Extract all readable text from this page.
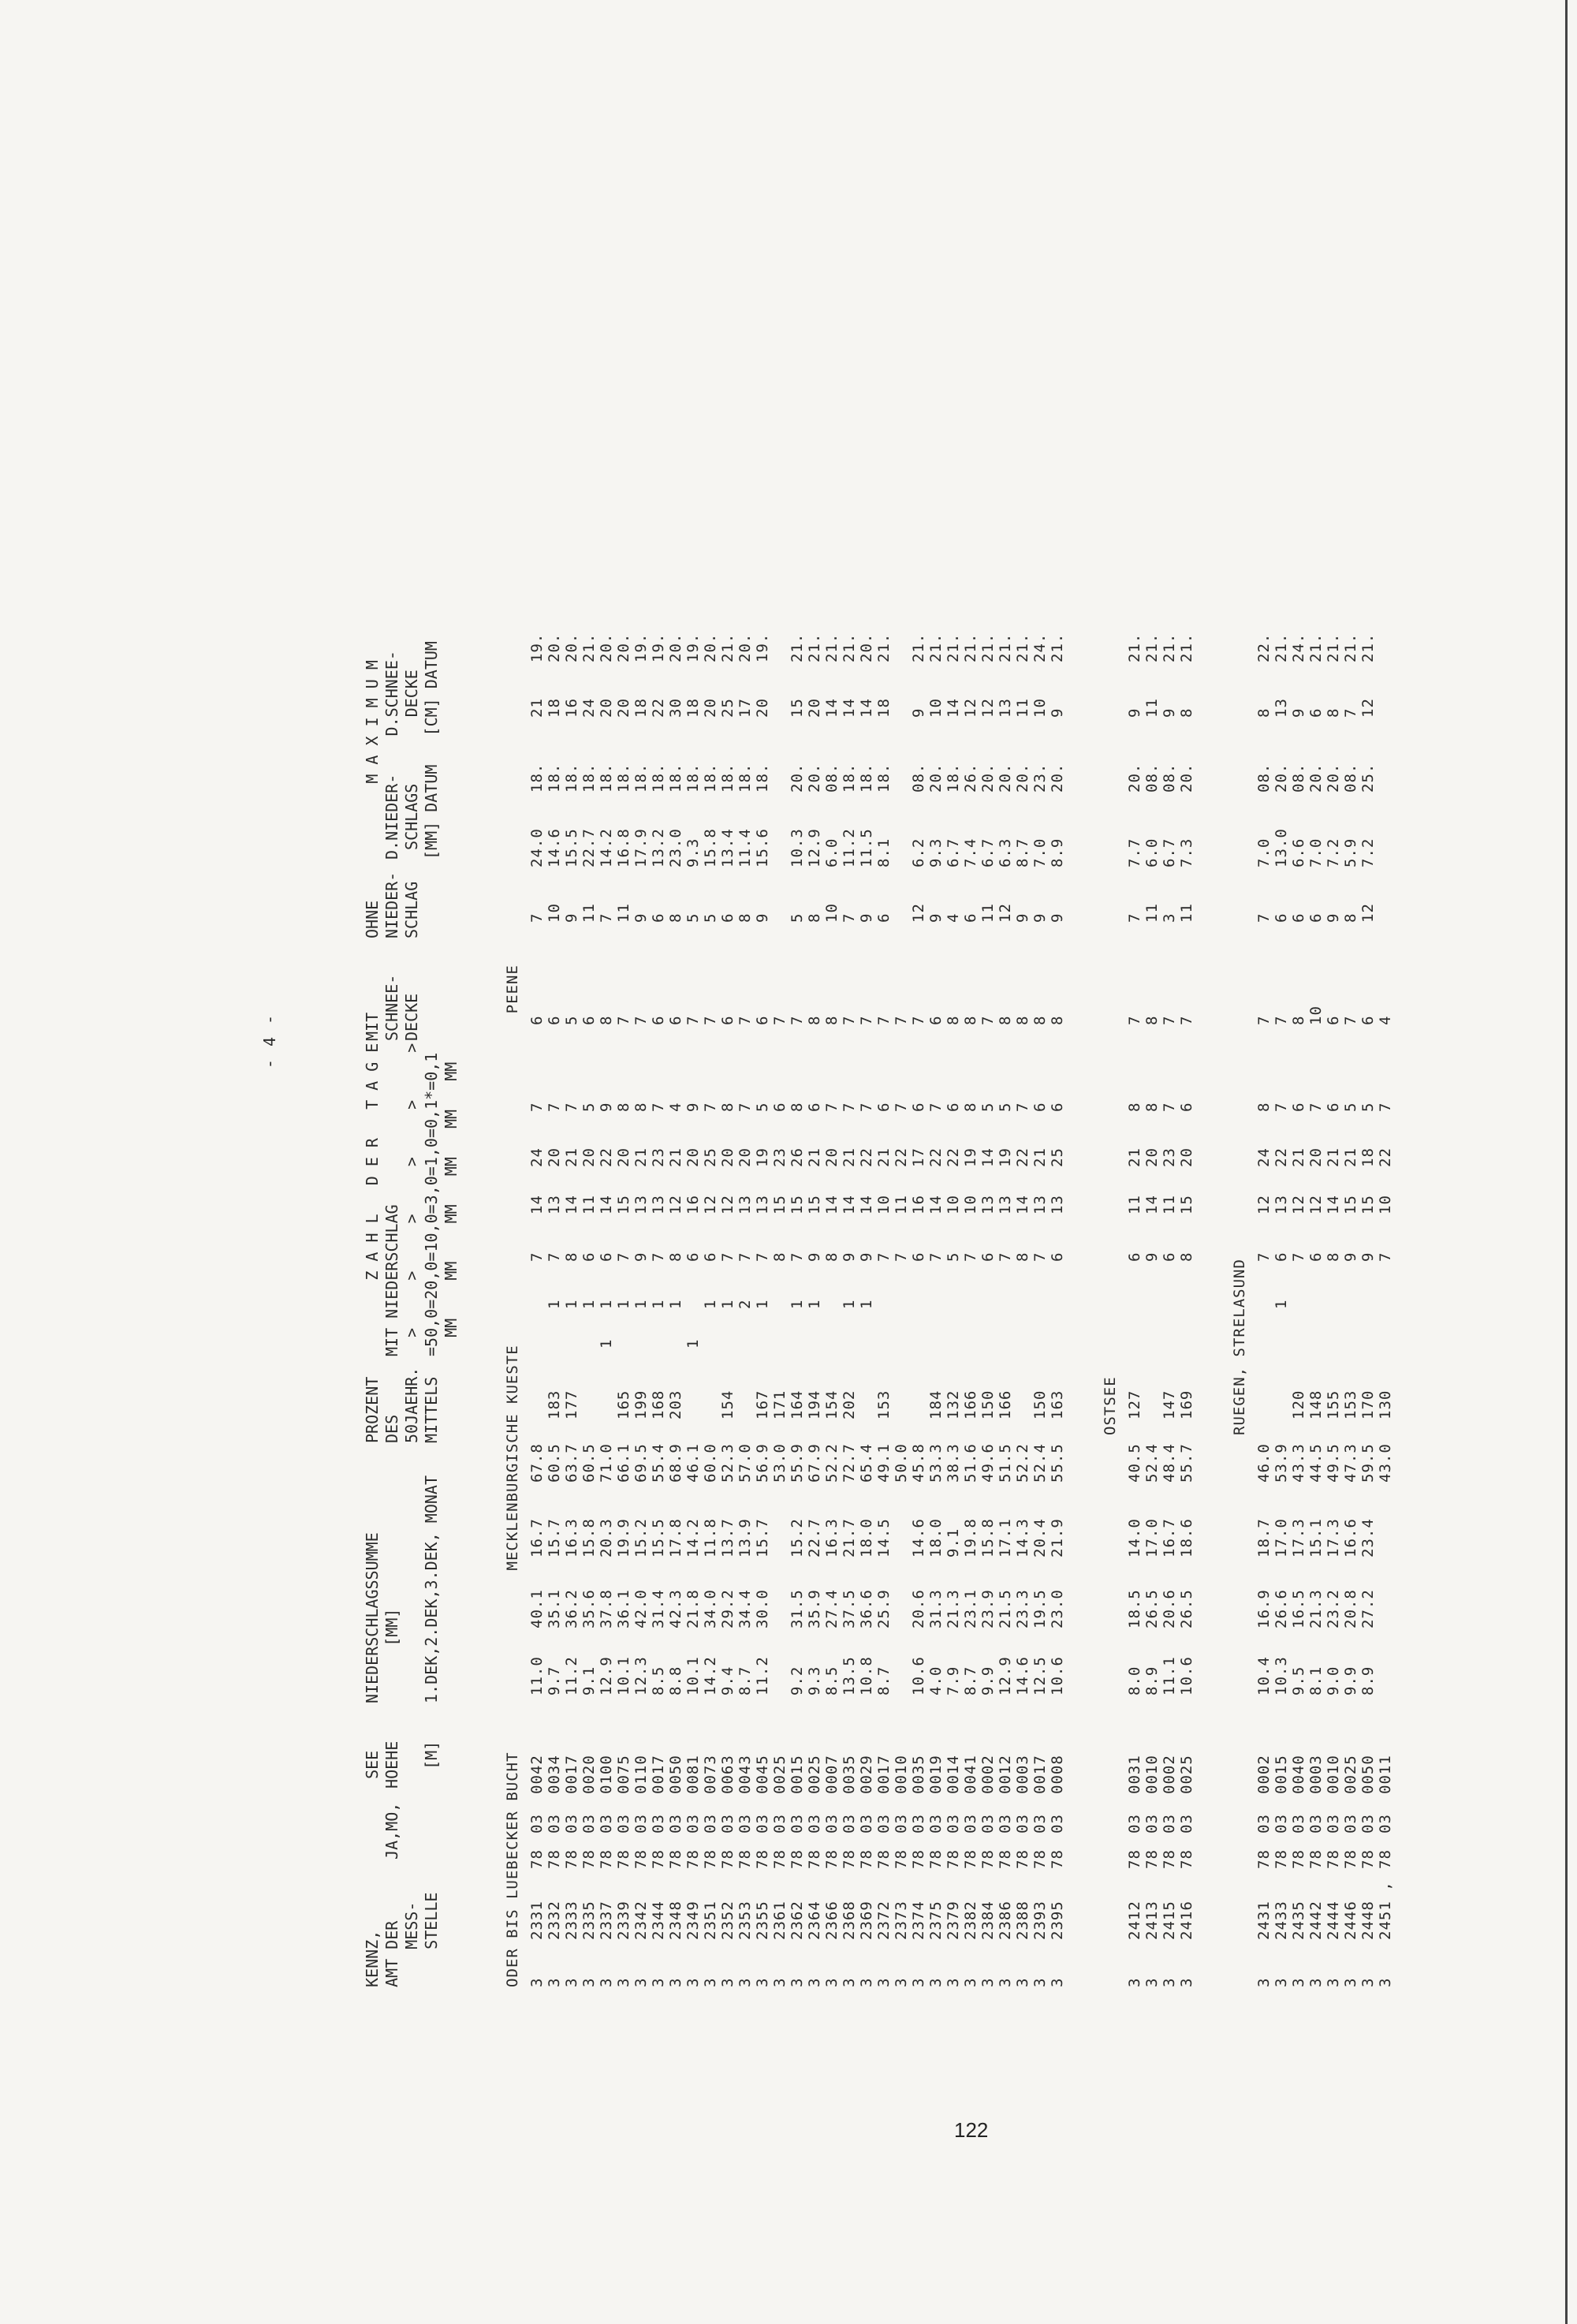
- 4 -

KENNZ,
AMT DER
MESS-
STELLE

JA,MO,

SEE
HOEHE

[M]

NIEDERSCHLAGSSUMME
[MM]

1.DEK,2.DEK,3.DEK, MONAT

PROZENT
DES
50JAEHR.
MITTELS

Z A H L   D E R   T A G E
MIT NIEDERSCHLAG
>     >     >     >     >     >
=50,0=20,0=10,0=3,0=1,0=0,1*=0,1
MM    MM    MM   MM   MM   MM

MIT
SCHNEE-
DECKE

OHNE
NIEDER-
SCHLAG

M A X I M U M
D.NIEDER-    D.SCHNEE-
SCHLAGS       DECKE
[MM] DATUM   [CM] DATUM

ODER BIS LUEBECKER BUCHTMECKLENBURGISCHE KUESTEPEENE
3
2331
78
03
0042
11.0
40.1
16.7
67.8
7
14
24
7
6
7
24.0
18.
21
19.
3
2332
78
03
0034
9.7
35.1
15.7
60.5
183
1
7
13
20
7
6
10
14.6
18.
18
20.
3
2333
78
03
0017
11.2
36.2
16.3
63.7
177
1
8
14
21
7
5
9
15.5
18.
16
20.
3
2335
78
03
0020
9.1
35.6
15.8
60.5
1
6
11
20
5
6
11
22.7
18.
24
21.
3
2337
78
03
0100
12.9
37.8
20.3
71.0
1
1
6
14
22
9
8
7
14.2
18.
20
20.
3
2339
78
03
0075
10.1
36.1
19.9
66.1
165
1
7
15
20
8
7
11
16.8
18.
20
20.
3
2342
78
03
0110
12.3
42.0
15.2
69.5
199
1
9
13
21
8
7
9
17.9
18.
18
19.
3
2344
78
03
0017
8.5
31.4
15.5
55.4
168
1
7
13
23
7
6
6
13.2
18.
22
19.
3
2348
78
03
0050
8.8
42.3
17.8
68.9
203
1
8
12
21
4
6
8
23.0
18.
30
20.
3
2349
78
03
0081
10.1
21.8
14.2
46.1
1
6
16
20
9
7
5
9.3
18.
18
19.
3
2351
78
03
0073
14.2
34.0
11.8
60.0
1
6
12
25
7
7
5
15.8
18.
20
20.
3
2352
78
03
0063
9.4
29.2
13.7
52.3
154
1
7
12
20
8
6
6
13.4
18.
25
21.
3
2353
78
03
0043
8.7
34.4
13.9
57.0
2
7
13
20
7
7
8
11.4
18.
17
20.
3
2355
78
03
0045
11.2
30.0
15.7
56.9
167
1
7
13
19
5
6
9
15.6
18.
20
19.
3
2361
78
03
0025
53.0
171
8
15
23
6
7
3
2362
78
03
0015
9.2
31.5
15.2
55.9
164
1
7
15
26
8
7
5
10.3
20.
15
21.
3
2364
78
03
0025
9.3
35.9
22.7
67.9
194
1
9
15
21
6
8
8
12.9
20.
20
21.
3
2366
78
03
0007
8.5
27.4
16.3
52.2
154
8
14
20
7
8
10
6.0
08.
14
21.
3
2368
78
03
0035
13.5
37.5
21.7
72.7
202
1
9
14
21
7
7
7
11.2
18.
14
21.
3
2369
78
03
0029
10.8
36.6
18.0
65.4
1
9
14
22
7
7
9
11.5
18.
14
20.
3
2372
78
03
0017
8.7
25.9
14.5
49.1
153
7
10
21
6
7
6
8.1
18.
18
21.
3
2373
78
03
0010
50.0
7
11
22
7
7
3
2374
78
03
0035
10.6
20.6
14.6
45.8
6
16
17
6
7
12
6.2
08.
9
21.
3
2375
78
03
0019
4.0
31.3
18.0
53.3
184
7
14
22
7
6
9
9.3
20.
10
21.
3
2379
78
03
0014
7.9
21.3
9.1
38.3
132
5
10
22
6
8
4
6.7
18.
14
21.
3
2382
78
03
0041
8.7
23.1
19.8
51.6
166
7
10
19
8
8
6
7.4
26.
12
21.
3
2384
78
03
0002
9.9
23.9
15.8
49.6
150
6
13
14
5
7
11
6.7
20.
12
21.
3
2386
78
03
0012
12.9
21.5
17.1
51.5
166
7
13
19
5
8
12
6.3
20.
13
21.
3
2388
78
03
0003
14.6
23.3
14.3
52.2
8
14
22
7
8
9
8.7
20.
11
21.
3
2393
78
03
0017
12.5
19.5
20.4
52.4
150
7
13
21
6
8
9
7.0
23.
10
24.
3
2395
78
03
0008
10.6
23.0
21.9
55.5
163
6
13
25
6
8
9
8.9
20.
9
21.
OSTSEE
3
2412
78
03
0031
8.0
18.5
14.0
40.5
127
6
11
21
8
7
7
7.7
20.
9
21.
3
2413
78
03
0010
8.9
26.5
17.0
52.4
9
14
20
8
8
11
6.0
08.
11
21.
3
2415
78
03
0002
11.1
20.6
16.7
48.4
147
6
11
23
7
7
3
6.7
08.
9
21.
3
2416
78
03
0025
10.6
26.5
18.6
55.7
169
8
15
20
6
7
11
7.3
20.
8
21.
RUEGEN, STRELASUND
3
2431
78
03
0002
10.4
16.9
18.7
46.0
7
12
24
8
7
7
7.0
08.
8
22.
3
2433
78
03
0015
10.3
26.6
17.0
53.9
1
6
13
22
7
7
6
13.0
20.
13
21.
3
2435
78
03
0040
9.5
16.5
17.3
43.3
120
7
12
21
6
8
6
6.6
08.
9
24.
3
2442
78
03
0003
8.1
21.3
15.1
44.5
148
6
12
20
7
10
6
7.0
20.
6
21.
3
2444
78
03
0010
9.0
23.2
17.3
49.5
155
8
14
21
6
6
9
7.2
20.
8
21.
3
2446
78
03
0025
9.9
20.8
16.6
47.3
153
9
15
21
5
7
8
5.9
08.
7
21.
3
2448
78
03
0050
8.9
27.2
23.4
59.5
170
9
15
18
5
6
12
7.2
25.
12
21.
3
2451 ,
78
03
0011
43.0
130
7
10
22
7
4
122
